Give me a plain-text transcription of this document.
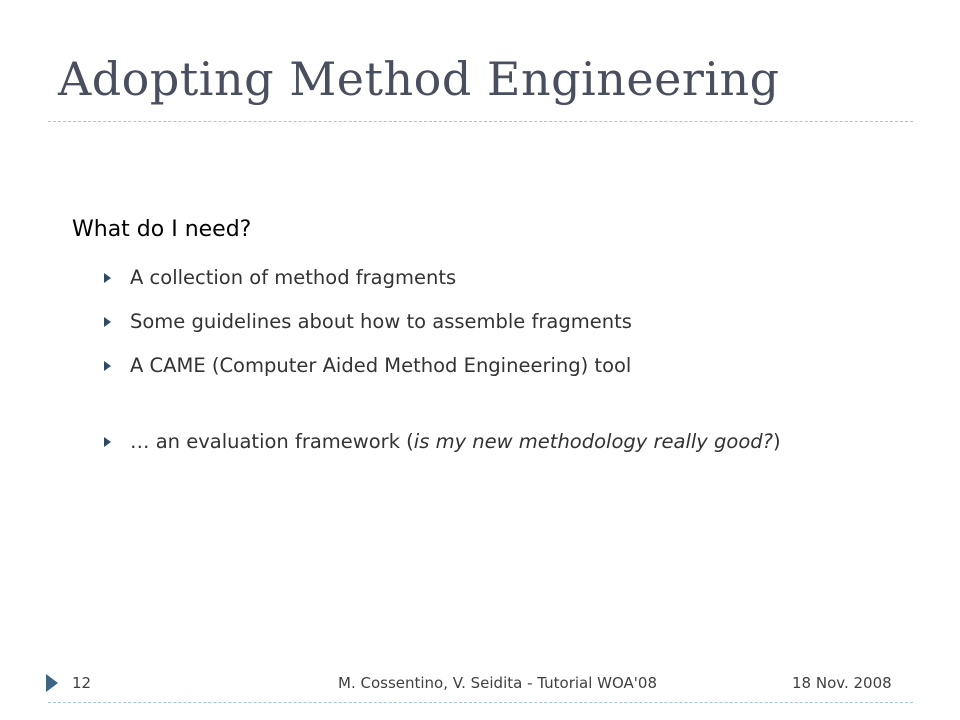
Adopting Method Engineering
What do I need?
A collection of method fragments
Some guidelines about how to assemble fragments
A CAME (Computer Aided Method Engineering) tool
… an evaluation framework (is my new methodology really good?)
12	M. Cossentino, V. Seidita - Tutorial WOA'08	18 Nov. 2008
